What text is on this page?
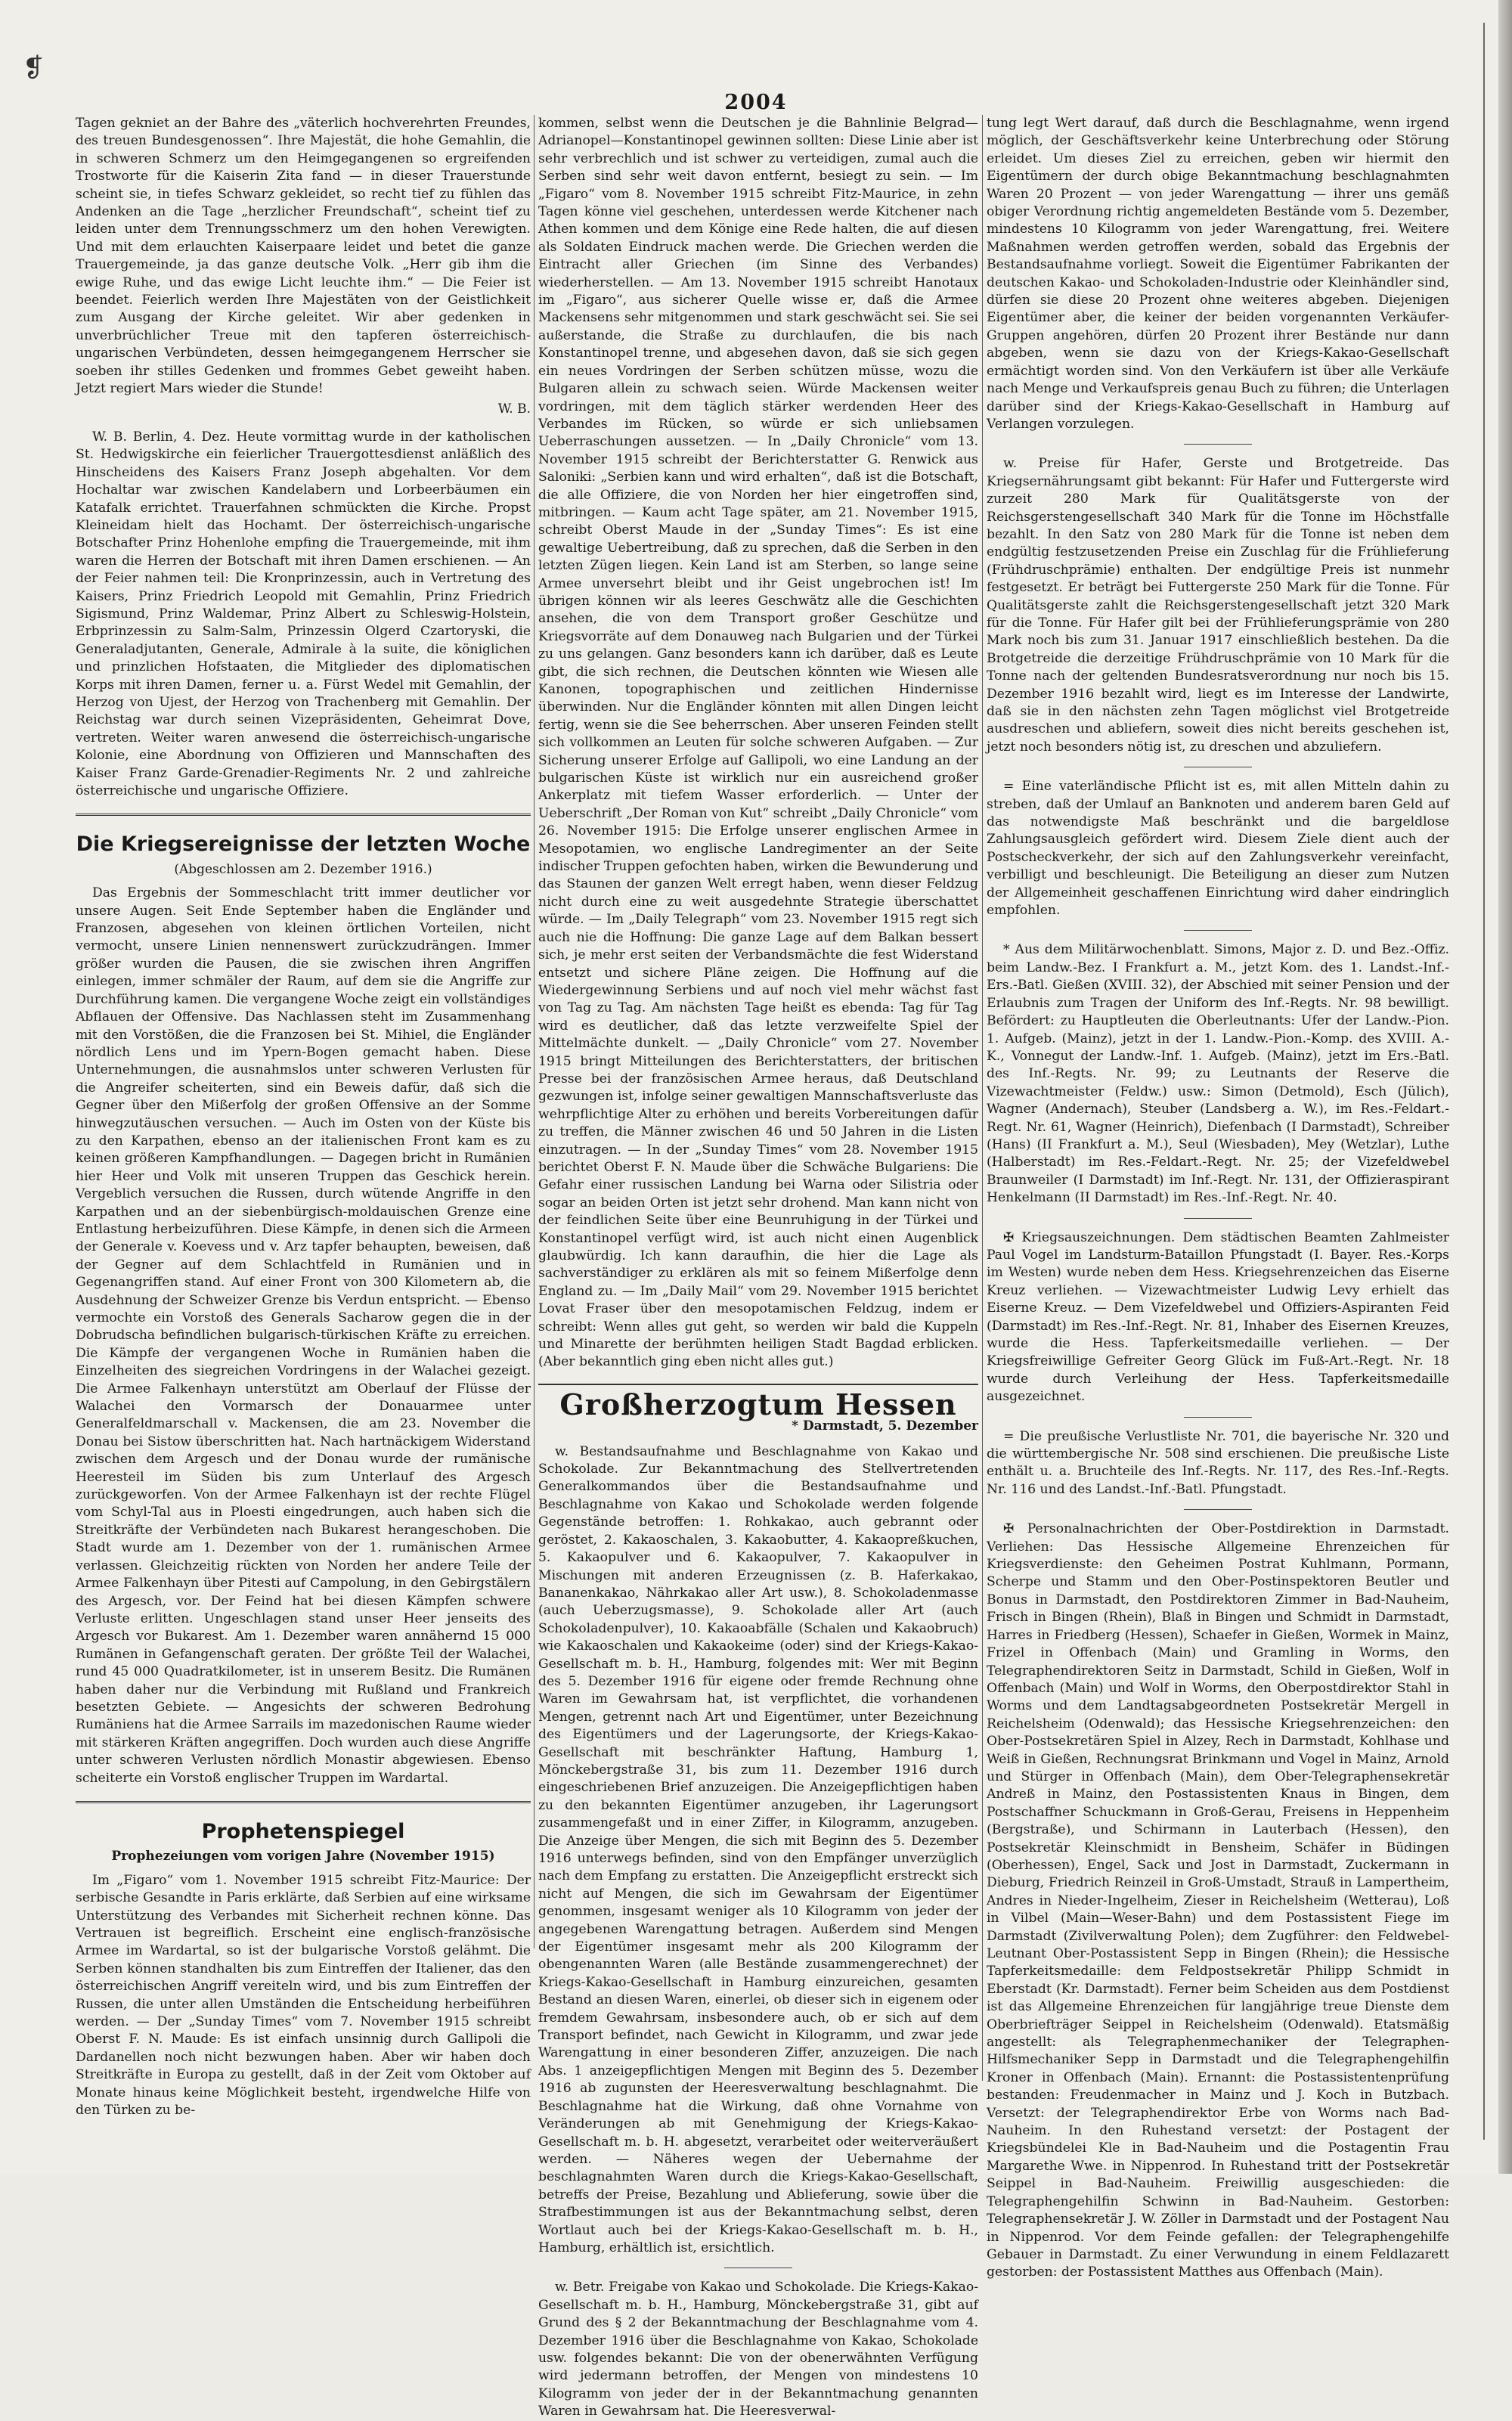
❡
2004

Tagen gekniet an der Bahre des „väterlich hochverehrten Freundes, des treuen Bundesgenossen“. Ihre Majestät, die hohe Gemahlin, die in schweren Schmerz um den Heimgegangenen so ergreifenden Trostworte für die Kaiserin Zita fand — in dieser Trauerstunde scheint sie, in tiefes Schwarz gekleidet, so recht tief zu fühlen das Andenken an die Tage „herzlicher Freundschaft“, scheint tief zu leiden unter dem Trennungsschmerz um den hohen Verewigten. Und mit dem erlauchten Kaiserpaare leidet und betet die ganze Trauergemeinde, ja das ganze deutsche Volk. „Herr gib ihm die ewige Ruhe, und das ewige Licht leuchte ihm.“ — Die Feier ist beendet. Feierlich werden Ihre Majestäten von der Geistlichkeit zum Ausgang der Kirche geleitet. Wir aber gedenken in unverbrüchlicher Treue mit den tapferen österreichisch-ungarischen Verbündeten, dessen heimgegangenem Herrscher sie soeben ihr stilles Gedenken und frommes Gebet geweiht haben. Jetzt regiert Mars wieder die Stunde!

W. B.

W. B. Berlin, 4. Dez. Heute vormittag wurde in der katholischen St. Hedwigskirche ein feierlicher Trauergottesdienst anläßlich des Hinscheidens des Kaisers Franz Joseph abgehalten. Vor dem Hochaltar war zwischen Kandelabern und Lorbeerbäumen ein Katafalk errichtet. Trauerfahnen schmückten die Kirche. Propst Kleineidam hielt das Hochamt. Der österreichisch-ungarische Botschafter Prinz Hohenlohe empfing die Trauergemeinde, mit ihm waren die Herren der Botschaft mit ihren Damen erschienen. — An der Feier nahmen teil: Die Kronprinzessin, auch in Vertretung des Kaisers, Prinz Friedrich Leopold mit Gemahlin, Prinz Friedrich Sigismund, Prinz Waldemar, Prinz Albert zu Schleswig-Holstein, Erbprinzessin zu Salm-Salm, Prinzessin Olgerd Czartoryski, die Generaladjutanten, Generale, Admirale à la suite, die königlichen und prinzlichen Hofstaaten, die Mitglieder des diplomatischen Korps mit ihren Damen, ferner u. a. Fürst Wedel mit Gemahlin, der Herzog von Ujest, der Herzog von Trachenberg mit Gemahlin. Der Reichstag war durch seinen Vizepräsidenten, Geheimrat Dove, vertreten. Weiter waren anwesend die österreichisch-ungarische Kolonie, eine Abordnung von Offizieren und Mannschaften des Kaiser Franz Garde-Grenadier-Regiments Nr. 2 und zahlreiche österreichische und ungarische Offiziere.

Die Kriegsereignisse der letzten Woche
(Abgeschlossen am 2. Dezember 1916.)

Das Ergebnis der Sommeschlacht tritt immer deutlicher vor unsere Augen. Seit Ende September haben die Engländer und Franzosen, abgesehen von kleinen örtlichen Vorteilen, nicht vermocht, unsere Linien nennenswert zurückzudrängen. Immer größer wurden die Pausen, die sie zwischen ihren Angriffen einlegen, immer schmäler der Raum, auf dem sie die Angriffe zur Durchführung kamen. Die vergangene Woche zeigt ein vollständiges Abflauen der Offensive. Das Nachlassen steht im Zusammenhang mit den Vorstößen, die die Franzosen bei St. Mihiel, die Engländer nördlich Lens und im Ypern-Bogen gemacht haben. Diese Unternehmungen, die ausnahmslos unter schweren Verlusten für die Angreifer scheiterten, sind ein Beweis dafür, daß sich die Gegner über den Mißerfolg der großen Offensive an der Somme hinwegzutäuschen versuchen. — Auch im Osten von der Küste bis zu den Karpathen, ebenso an der italienischen Front kam es zu keinen größeren Kampfhandlungen. — Dagegen bricht in Rumänien hier Heer und Volk mit unseren Truppen das Geschick herein. Vergeblich versuchen die Russen, durch wütende Angriffe in den Karpathen und an der siebenbürgisch-moldauischen Grenze eine Entlastung herbeizuführen. Diese Kämpfe, in denen sich die Armeen der Generale v. Koevess und v. Arz tapfer behaupten, beweisen, daß der Gegner auf dem Schlachtfeld in Rumänien und in Gegenangriffen stand. Auf einer Front von 300 Kilometern ab, die Ausdehnung der Schweizer Grenze bis Verdun entspricht. — Ebenso vermochte ein Vorstoß des Generals Sacharow gegen die in der Dobrudscha befindlichen bulgarisch-türkischen Kräfte zu erreichen. Die Kämpfe der vergangenen Woche in Rumänien haben die Einzelheiten des siegreichen Vordringens in der Walachei gezeigt. Die Armee Falkenhayn unterstützt am Oberlauf der Flüsse der Walachei den Vormarsch der Donauarmee unter Generalfeldmarschall v. Mackensen, die am 23. November die Donau bei Sistow überschritten hat. Nach hartnäckigem Widerstand zwischen dem Argesch und der Donau wurde der rumänische Heeresteil im Süden bis zum Unterlauf des Argesch zurückgeworfen. Von der Armee Falkenhayn ist der rechte Flügel vom Schyl-Tal aus in Ploesti eingedrungen, auch haben sich die Streitkräfte der Verbündeten nach Bukarest herangeschoben. Die Stadt wurde am 1. Dezember von der 1. rumänischen Armee verlassen. Gleichzeitig rückten von Norden her andere Teile der Armee Falkenhayn über Pitesti auf Campolung, in den Gebirgstälern des Argesch, vor. Der Feind hat bei diesen Kämpfen schwere Verluste erlitten. Ungeschlagen stand unser Heer jenseits des Argesch vor Bukarest. Am 1. Dezember waren annähernd 15 000 Rumänen in Gefangenschaft geraten. Der größte Teil der Walachei, rund 45 000 Quadratkilometer, ist in unserem Besitz. Die Rumänen haben daher nur die Verbindung mit Rußland und Frankreich besetzten Gebiete. — Angesichts der schweren Bedrohung Rumäniens hat die Armee Sarrails im mazedonischen Raume wieder mit stärkeren Kräften angegriffen. Doch wurden auch diese Angriffe unter schweren Verlusten nördlich Monastir abgewiesen. Ebenso scheiterte ein Vorstoß englischer Truppen im Wardartal.

Prophetenspiegel
Prophezeiungen vom vorigen Jahre (November 1915)

Im „Figaro“ vom 1. November 1915 schreibt Fitz-Maurice: Der serbische Gesandte in Paris erklärte, daß Serbien auf eine wirksame Unterstützung des Verbandes mit Sicherheit rechnen könne. Das Vertrauen ist begreiflich. Erscheint eine englisch-französische Armee im Wardartal, so ist der bulgarische Vorstoß gelähmt. Die Serben können standhalten bis zum Eintreffen der Italiener, das den österreichischen Angriff vereiteln wird, und bis zum Eintreffen der Russen, die unter allen Umständen die Entscheidung herbeiführen werden. — Der „Sunday Times“ vom 7. November 1915 schreibt Oberst F. N. Maude: Es ist einfach unsinnig durch Gallipoli die Dardanellen noch nicht bezwungen haben. Aber wir haben doch Streitkräfte in Europa zu gestellt, daß in der Zeit vom Oktober auf Monate hinaus keine Möglichkeit besteht, irgendwelche Hilfe von den Türken zu be-

kommen, selbst wenn die Deutschen je die Bahnlinie Belgrad—Adrianopel—Konstantinopel gewinnen sollten: Diese Linie aber ist sehr verbrechlich und ist schwer zu verteidigen, zumal auch die Serben sind sehr weit davon entfernt, besiegt zu sein. — Im „Figaro“ vom 8. November 1915 schreibt Fitz-Maurice, in zehn Tagen könne viel geschehen, unterdessen werde Kitchener nach Athen kommen und dem Könige eine Rede halten, die auf diesen als Soldaten Eindruck machen werde. Die Griechen werden die Eintracht aller Griechen (im Sinne des Verbandes) wiederherstellen. — Am 13. November 1915 schreibt Hanotaux im „Figaro“, aus sicherer Quelle wisse er, daß die Armee Mackensens sehr mitgenommen und stark geschwächt sei. Sie sei außerstande, die Straße zu durchlaufen, die bis nach Konstantinopel trenne, und abgesehen davon, daß sie sich gegen ein neues Vordringen der Serben schützen müsse, wozu die Bulgaren allein zu schwach seien. Würde Mackensen weiter vordringen, mit dem täglich stärker werdenden Heer des Verbandes im Rücken, so würde er sich unliebsamen Ueberraschungen aussetzen. — In „Daily Chronicle“ vom 13. November 1915 schreibt der Berichterstatter G. Renwick aus Saloniki: „Serbien kann und wird erhalten“, daß ist die Botschaft, die alle Offiziere, die von Norden her hier eingetroffen sind, mitbringen. — Kaum acht Tage später, am 21. November 1915, schreibt Oberst Maude in der „Sunday Times“: Es ist eine gewaltige Uebertreibung, daß zu sprechen, daß die Serben in den letzten Zügen liegen. Kein Land ist am Sterben, so lange seine Armee unversehrt bleibt und ihr Geist ungebrochen ist! Im übrigen können wir als leeres Geschwätz alle die Geschichten ansehen, die von dem Transport großer Geschütze und Kriegsvorräte auf dem Donauweg nach Bulgarien und der Türkei zu uns gelangen. Ganz besonders kann ich darüber, daß es Leute gibt, die sich rechnen, die Deutschen könnten wie Wiesen alle Kanonen, topographischen und zeitlichen Hindernisse überwinden. Nur die Engländer könnten mit allen Dingen leicht fertig, wenn sie die See beherrschen. Aber unseren Feinden stellt sich vollkommen an Leuten für solche schweren Aufgaben. — Zur Sicherung unserer Erfolge auf Gallipoli, wo eine Landung an der bulgarischen Küste ist wirklich nur ein ausreichend großer Ankerplatz mit tiefem Wasser erforderlich. — Unter der Ueberschrift „Der Roman von Kut“ schreibt „Daily Chronicle“ vom 26. November 1915: Die Erfolge unserer englischen Armee in Mesopotamien, wo englische Landregimenter an der Seite indischer Truppen gefochten haben, wirken die Bewunderung und das Staunen der ganzen Welt erregt haben, wenn dieser Feldzug nicht durch eine zu weit ausgedehnte Strategie überschattet würde. — Im „Daily Telegraph“ vom 23. November 1915 regt sich auch nie die Hoffnung: Die ganze Lage auf dem Balkan bessert sich, je mehr erst seiten der Verbandsmächte die fest Widerstand entsetzt und sichere Pläne zeigen. Die Hoffnung auf die Wiedergewinnung Serbiens und auf noch viel mehr wächst fast von Tag zu Tag. Am nächsten Tage heißt es ebenda: Tag für Tag wird es deutlicher, daß das letzte verzweifelte Spiel der Mittelmächte dunkelt. — „Daily Chronicle“ vom 27. November 1915 bringt Mitteilungen des Berichterstatters, der britischen Presse bei der französischen Armee heraus, daß Deutschland gezwungen ist, infolge seiner gewaltigen Mannschaftsverluste das wehrpflichtige Alter zu erhöhen und bereits Vorbereitungen dafür zu treffen, die Männer zwischen 46 und 50 Jahren in die Listen einzutragen. — In der „Sunday Times“ vom 28. November 1915 berichtet Oberst F. N. Maude über die Schwäche Bulgariens: Die Gefahr einer russischen Landung bei Warna oder Silistria oder sogar an beiden Orten ist jetzt sehr drohend. Man kann nicht von der feindlichen Seite über eine Beunruhigung in der Türkei und Konstantinopel verfügt wird, ist auch nicht einen Augenblick glaubwürdig. Ich kann daraufhin, die hier die Lage als sachverständiger zu erklären als mit so feinem Mißerfolge denn England zu. — Im „Daily Mail“ vom 29. November 1915 berichtet Lovat Fraser über den mesopotamischen Feldzug, indem er schreibt: Wenn alles gut geht, so werden wir bald die Kuppeln und Minarette der berühmten heiligen Stadt Bagdad erblicken. (Aber bekanntlich ging eben nicht alles gut.)

Großherzogtum Hessen
* Darmstadt, 5. Dezember

w. Bestandsaufnahme und Beschlagnahme von Kakao und Schokolade. Zur Bekanntmachung des Stellvertretenden Generalkommandos über die Bestandsaufnahme und Beschlagnahme von Kakao und Schokolade werden folgende Gegenstände betroffen: 1. Rohkakao, auch gebrannt oder geröstet, 2. Kakaoschalen, 3. Kakaobutter, 4. Kakaopreßkuchen, 5. Kakaopulver und 6. Kakaopulver, 7. Kakaopulver in Mischungen mit anderen Erzeugnissen (z. B. Haferkakao, Bananenkakao, Nährkakao aller Art usw.), 8. Schokoladenmasse (auch Ueberzugsmasse), 9. Schokolade aller Art (auch Schokoladenpulver), 10. Kakaoabfälle (Schalen und Kakaobruch) wie Kakaoschalen und Kakaokeime (oder) sind der Kriegs-Kakao-Gesellschaft m. b. H., Hamburg, folgendes mit: Wer mit Beginn des 5. Dezember 1916 für eigene oder fremde Rechnung ohne Waren im Gewahrsam hat, ist verpflichtet, die vorhandenen Mengen, getrennt nach Art und Eigentümer, unter Bezeichnung des Eigentümers und der Lagerungsorte, der Kriegs-Kakao-Gesellschaft mit beschränkter Haftung, Hamburg 1, Mönckebergstraße 31, bis zum 11. Dezember 1916 durch eingeschriebenen Brief anzuzeigen. Die Anzeigepflichtigen haben zu den bekannten Eigentümer anzugeben, ihr Lagerungsort zusammengefaßt und in einer Ziffer, in Kilogramm, anzugeben. Die Anzeige über Mengen, die sich mit Beginn des 5. Dezember 1916 unterwegs befinden, sind von den Empfänger unverzüglich nach dem Empfang zu erstatten. Die Anzeigepflicht erstreckt sich nicht auf Mengen, die sich im Gewahrsam der Eigentümer genommen, insgesamt weniger als 10 Kilogramm von jeder der angegebenen Warengattung betragen. Außerdem sind Mengen der Eigentümer insgesamt mehr als 200 Kilogramm der obengenannten Waren (alle Bestände zusammengerechnet) der Kriegs-Kakao-Gesellschaft in Hamburg einzureichen, gesamten Bestand an diesen Waren, einerlei, ob dieser sich in eigenem oder fremdem Gewahrsam, insbesondere auch, ob er sich auf dem Transport befindet, nach Gewicht in Kilogramm, und zwar jede Warengattung in einer besonderen Ziffer, anzuzeigen. Die nach Abs. 1 anzeigepflichtigen Mengen mit Beginn des 5. Dezember 1916 ab zugunsten der Heeresverwaltung beschlagnahmt. Die Beschlagnahme hat die Wirkung, daß ohne Vornahme von Veränderungen ab mit Genehmigung der Kriegs-Kakao-Gesellschaft m. b. H. abgesetzt, verarbeitet oder weiterveräußert werden. — Näheres wegen der Uebernahme der beschlagnahmten Waren durch die Kriegs-Kakao-Gesellschaft, betreffs der Preise, Bezahlung und Ablieferung, sowie über die Strafbestimmungen ist aus der Bekanntmachung selbst, deren Wortlaut auch bei der Kriegs-Kakao-Gesellschaft m. b. H., Hamburg, erhältlich ist, ersichtlich.

w. Betr. Freigabe von Kakao und Schokolade. Die Kriegs-Kakao-Gesellschaft m. b. H., Hamburg, Mönckebergstraße 31, gibt auf Grund des § 2 der Bekanntmachung der Beschlagnahme vom 4. Dezember 1916 über die Beschlagnahme von Kakao, Schokolade usw. folgendes bekannt: Die von der obenerwähnten Verfügung wird jedermann betroffen, der Mengen von mindestens 10 Kilogramm von jeder der in der Bekanntmachung genannten Waren in Gewahrsam hat. Die Heeresverwal-

tung legt Wert darauf, daß durch die Beschlagnahme, wenn irgend möglich, der Geschäftsverkehr keine Unterbrechung oder Störung erleidet. Um dieses Ziel zu erreichen, geben wir hiermit den Eigentümern der durch obige Bekanntmachung beschlagnahmten Waren 20 Prozent — von jeder Warengattung — ihrer uns gemäß obiger Verordnung richtig angemeldeten Bestände vom 5. Dezember, mindestens 10 Kilogramm von jeder Warengattung, frei. Weitere Maßnahmen werden getroffen werden, sobald das Ergebnis der Bestandsaufnahme vorliegt. Soweit die Eigentümer Fabrikanten der deutschen Kakao- und Schokoladen-Industrie oder Kleinhändler sind, dürfen sie diese 20 Prozent ohne weiteres abgeben. Diejenigen Eigentümer aber, die keiner der beiden vorgenannten Verkäufer-Gruppen angehören, dürfen 20 Prozent ihrer Bestände nur dann abgeben, wenn sie dazu von der Kriegs-Kakao-Gesellschaft ermächtigt worden sind. Von den Verkäufern ist über alle Verkäufe nach Menge und Verkaufspreis genau Buch zu führen; die Unterlagen darüber sind der Kriegs-Kakao-Gesellschaft in Hamburg auf Verlangen vorzulegen.

w. Preise für Hafer, Gerste und Brotgetreide. Das Kriegsernährungsamt gibt bekannt: Für Hafer und Futtergerste wird zurzeit 280 Mark für Qualitätsgerste von der Reichsgerstengesellschaft 340 Mark für die Tonne im Höchstfalle bezahlt. In den Satz von 280 Mark für die Tonne ist neben dem endgültig festzusetzenden Preise ein Zuschlag für die Frühlieferung (Frühdruschprämie) enthalten. Der endgültige Preis ist nunmehr festgesetzt. Er beträgt bei Futtergerste 250 Mark für die Tonne. Für Qualitätsgerste zahlt die Reichsgerstengesellschaft jetzt 320 Mark für die Tonne. Für Hafer gilt bei der Frühlieferungsprämie von 280 Mark noch bis zum 31. Januar 1917 einschließlich bestehen. Da die Brotgetreide die derzeitige Frühdruschprämie von 10 Mark für die Tonne nach der geltenden Bundesratsverordnung nur noch bis 15. Dezember 1916 bezahlt wird, liegt es im Interesse der Landwirte, daß sie in den nächsten zehn Tagen möglichst viel Brotgetreide ausdreschen und abliefern, soweit dies nicht bereits geschehen ist, jetzt noch besonders nötig ist, zu dreschen und abzuliefern.

= Eine vaterländische Pflicht ist es, mit allen Mitteln dahin zu streben, daß der Umlauf an Banknoten und anderem baren Geld auf das notwendigste Maß beschränkt und die bargeldlose Zahlungsausgleich gefördert wird. Diesem Ziele dient auch der Postscheckverkehr, der sich auf den Zahlungsverkehr vereinfacht, verbilligt und beschleunigt. Die Beteiligung an dieser zum Nutzen der Allgemeinheit geschaffenen Einrichtung wird daher eindringlich empfohlen.

* Aus dem Militärwochenblatt. Simons, Major z. D. und Bez.-Offiz. beim Landw.-Bez. I Frankfurt a. M., jetzt Kom. des 1. Landst.-Inf.-Ers.-Batl. Gießen (XVIII. 32), der Abschied mit seiner Pension und der Erlaubnis zum Tragen der Uniform des Inf.-Regts. Nr. 98 bewilligt. Befördert: zu Hauptleuten die Oberleutnants: Ufer der Landw.-Pion. 1. Aufgeb. (Mainz), jetzt in der 1. Landw.-Pion.-Komp. des XVIII. A.-K., Vonnegut der Landw.-Inf. 1. Aufgeb. (Mainz), jetzt im Ers.-Batl. des Inf.-Regts. Nr. 99; zu Leutnants der Reserve die Vizewachtmeister (Feldw.) usw.: Simon (Detmold), Esch (Jülich), Wagner (Andernach), Steuber (Landsberg a. W.), im Res.-Feldart.-Regt. Nr. 61, Wagner (Heinrich), Diefenbach (I Darmstadt), Schreiber (Hans) (II Frankfurt a. M.), Seul (Wiesbaden), Mey (Wetzlar), Luthe (Halberstadt) im Res.-Feldart.-Regt. Nr. 25; der Vizefeldwebel Braunweiler (I Darmstadt) im Inf.-Regt. Nr. 131, der Offizieraspirant Henkelmann (II Darmstadt) im Res.-Inf.-Regt. Nr. 40.

✠ Kriegsauszeichnungen. Dem städtischen Beamten Zahlmeister Paul Vogel im Landsturm-Bataillon Pfungstadt (I. Bayer. Res.-Korps im Westen) wurde neben dem Hess. Kriegsehrenzeichen das Eiserne Kreuz verliehen. — Vizewachtmeister Ludwig Levy erhielt das Eiserne Kreuz. — Dem Vizefeldwebel und Offiziers-Aspiranten Feid (Darmstadt) im Res.-Inf.-Regt. Nr. 81, Inhaber des Eisernen Kreuzes, wurde die Hess. Tapferkeitsmedaille verliehen. — Der Kriegsfreiwillige Gefreiter Georg Glück im Fuß-Art.-Regt. Nr. 18 wurde durch Verleihung der Hess. Tapferkeitsmedaille ausgezeichnet.

= Die preußische Verlustliste Nr. 701, die bayerische Nr. 320 und die württembergische Nr. 508 sind erschienen. Die preußische Liste enthält u. a. Bruchteile des Inf.-Regts. Nr. 117, des Res.-Inf.-Regts. Nr. 116 und des Landst.-Inf.-Batl. Pfungstadt.

✠ Personalnachrichten der Ober-Postdirektion in Darmstadt. Verliehen: Das Hessische Allgemeine Ehrenzeichen für Kriegsverdienste: den Geheimen Postrat Kuhlmann, Pormann, Scherpe und Stamm und den Ober-Postinspektoren Beutler und Bonus in Darmstadt, den Postdirektoren Zimmer in Bad-Nauheim, Frisch in Bingen (Rhein), Blaß in Bingen und Schmidt in Darmstadt, Harres in Friedberg (Hessen), Schaefer in Gießen, Wormek in Mainz, Frizel in Offenbach (Main) und Gramling in Worms, den Telegraphendirektoren Seitz in Darmstadt, Schild in Gießen, Wolf in Offenbach (Main) und Wolf in Worms, den Oberpostdirektor Stahl in Worms und dem Landtagsabgeordneten Postsekretär Mergell in Reichelsheim (Odenwald); das Hessische Kriegsehrenzeichen: den Ober-Postsekretären Spiel in Alzey, Rech in Darmstadt, Kohlhase und Weiß in Gießen, Rechnungsrat Brinkmann und Vogel in Mainz, Arnold und Stürger in Offenbach (Main), dem Ober-Telegraphensekretär Andreß in Mainz, den Postassistenten Knaus in Bingen, dem Postschaffner Schuckmann in Groß-Gerau, Freisens in Heppenheim (Bergstraße), und Schirmann in Lauterbach (Hessen), den Postsekretär Kleinschmidt in Bensheim, Schäfer in Büdingen (Oberhessen), Engel, Sack und Jost in Darmstadt, Zuckermann in Dieburg, Friedrich Reinzeil in Groß-Umstadt, Strauß in Lampertheim, Andres in Nieder-Ingelheim, Zieser in Reichelsheim (Wetterau), Loß in Vilbel (Main—Weser-Bahn) und dem Postassistent Fiege im Darmstadt (Zivilverwaltung Polen); dem Zugführer: den Feldwebel-Leutnant Ober-Postassistent Sepp in Bingen (Rhein); die Hessische Tapferkeitsmedaille: dem Feldpostsekretär Philipp Schmidt in Eberstadt (Kr. Darmstadt). Ferner beim Scheiden aus dem Postdienst ist das Allgemeine Ehrenzeichen für langjährige treue Dienste dem Oberbriefträger Seippel in Reichelsheim (Odenwald). Etatsmäßig angestellt: als Telegraphenmechaniker der Telegraphen-Hilfsmechaniker Sepp in Darmstadt und die Telegraphengehilfin Kroner in Offenbach (Main). Ernannt: die Postassistentenprüfung bestanden: Freudenmacher in Mainz und J. Koch in Butzbach. Versetzt: der Telegraphendirektor Erbe von Worms nach Bad-Nauheim. In den Ruhestand versetzt: der Postagent der Kriegsbündelei Kle in Bad-Nauheim und die Postagentin Frau Margarethe Wwe. in Nippenrod. In Ruhestand tritt der Postsekretär Seippel in Bad-Nauheim. Freiwillig ausgeschieden: die Telegraphengehilfin Schwinn in Bad-Nauheim. Gestorben: Telegraphensekretär J. W. Zöller in Darmstadt und der Postagent Nau in Nippenrod. Vor dem Feinde gefallen: der Telegraphengehilfe Gebauer in Darmstadt. Zu einer Verwundung in einem Feldlazarett gestorben: der Postassistent Matthes aus Offenbach (Main).
